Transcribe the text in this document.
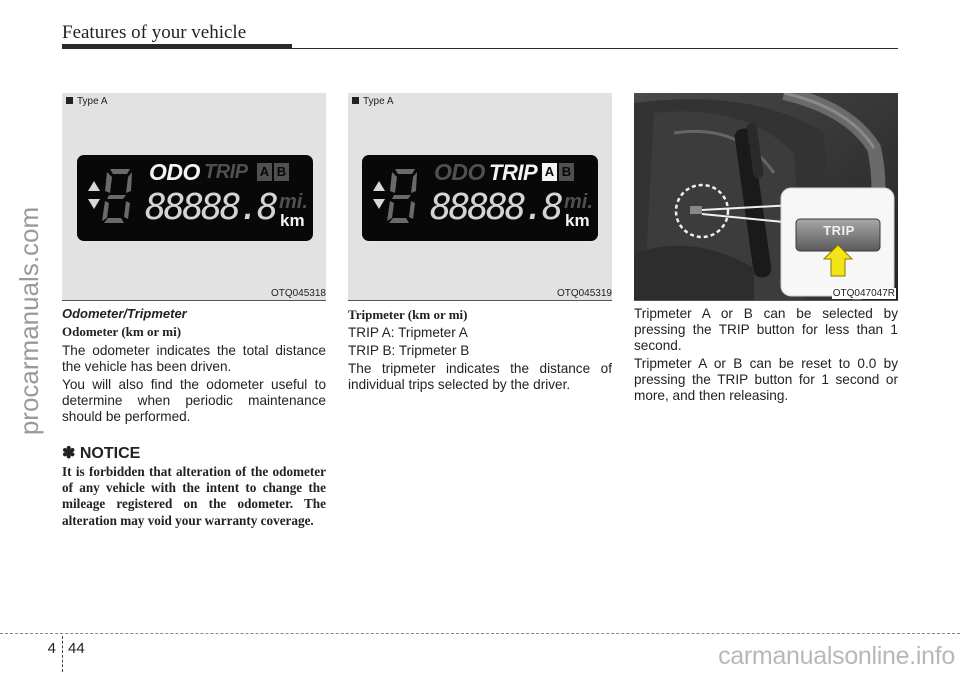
Features of your vehicle
procarmanuals.com
Type A
ODO TRIP A B
88888.8 mi.
km
OTQ045318
Type A
ODO TRIP A B
88888.8 mi.
km
OTQ045319
TRIP
OTQ047047R
Odometer/Tripmeter
Odometer (km or mi)
The odometer indicates the total distance the vehicle has been driven.
You will also find the odometer useful to determine when periodic maintenance should be performed.
✽ NOTICE
It is forbidden that alteration of the odometer of any vehicle with the intent to change the mileage registered on the odometer. The alteration may void your warranty coverage.
Tripmeter (km or mi)
TRIP A: Tripmeter A
TRIP B: Tripmeter B
The tripmeter indicates the distance of individual trips selected by the driver.
Tripmeter A or B can be selected by pressing the TRIP button for less than 1 second.
Tripmeter A or B can be reset to 0.0 by pressing the TRIP button for 1 second or more, and then releasing.
4 44	carmanualsonline.info
